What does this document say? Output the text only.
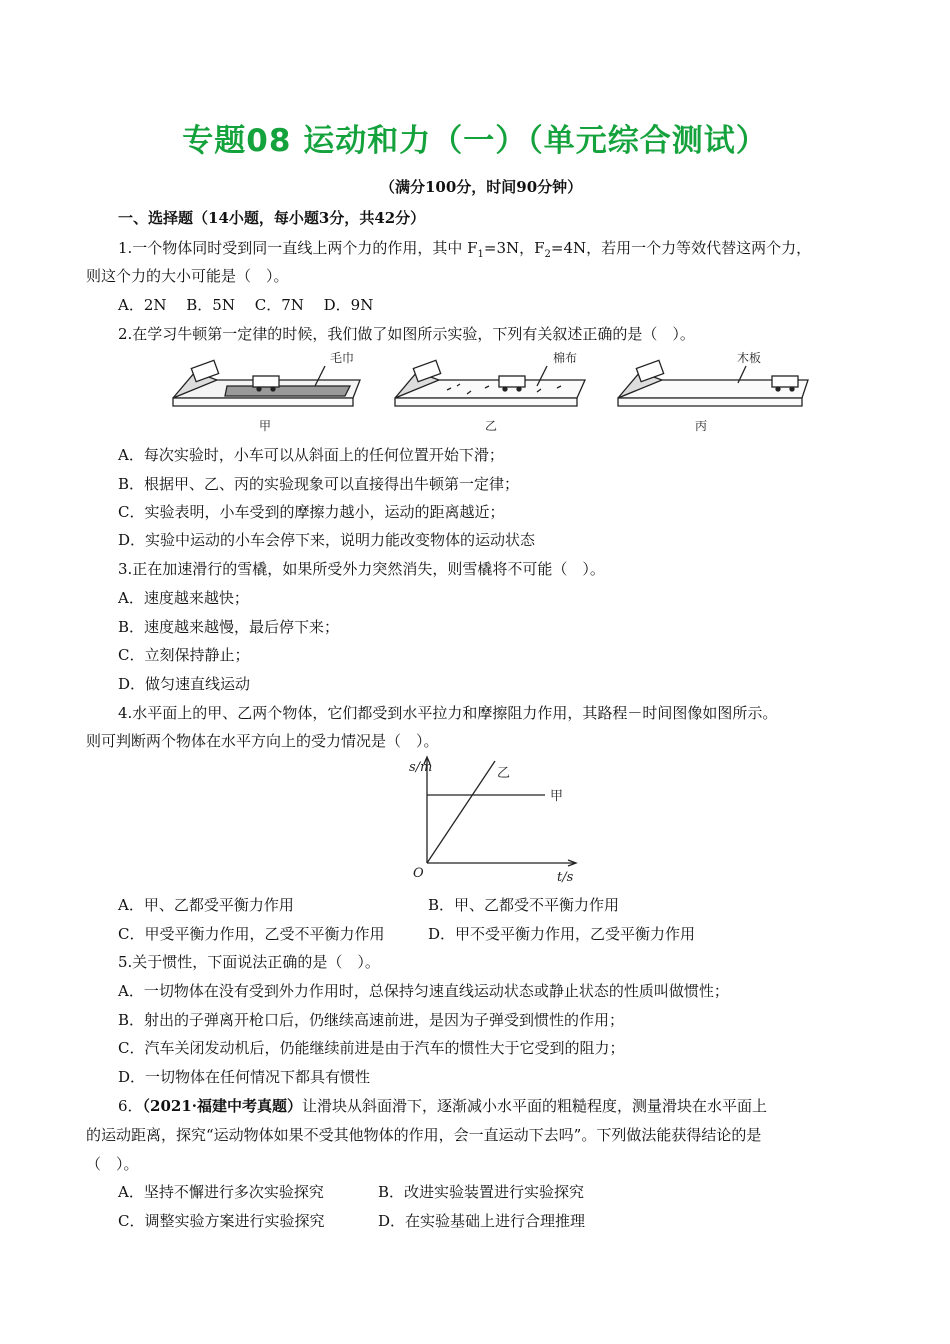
专题08 运动和力（一）（单元综合测试）
（满分100分，时间90分钟）
一、选择题（14小题，每小题3分，共42分）
1.一个物体同时受到同一直线上两个力的作用，其中 $F_1=3N$，$F_2=4N$，若用一个力等效代替这两个力，
则这个力的大小可能是（　）。
A．2N　 B．5N　 C．7N　 D．9N
2.在学习牛顿第一定律的时候，我们做了如图所示实验，下列有关叙述正确的是（　）。
毛巾
甲
棉布
乙
木板
丙
A．每次实验时，小车可以从斜面上的任何位置开始下滑；
B．根据甲、乙、丙的实验现象可以直接得出牛顿第一定律；
C．实验表明，小车受到的摩擦力越小，运动的距离越近；
D．实验中运动的小车会停下来，说明力能改变物体的运动状态
3.正在加速滑行的雪橇，如果所受外力突然消失，则雪橇将不可能（　）。
A．速度越来越快；
B．速度越来越慢，最后停下来；
C．立刻保持静止；
D．做匀速直线运动
4.水平面上的甲、乙两个物体，它们都受到水平拉力和摩擦阻力作用，其路程－时间图像如图所示。
则可判断两个物体在水平方向上的受力情况是（　）。
s/m
t/s
O
乙
甲
A．甲、乙都受平衡力作用	B．甲、乙都受不平衡力作用
C．甲受平衡力作用，乙受不平衡力作用	D．甲不受平衡力作用，乙受平衡力作用
5.关于惯性，下面说法正确的是（　）。
A．一切物体在没有受到外力作用时，总保持匀速直线运动状态或静止状态的性质叫做惯性；
B．射出的子弹离开枪口后，仍继续高速前进，是因为子弹受到惯性的作用；
C．汽车关闭发动机后，仍能继续前进是由于汽车的惯性大于它受到的阻力；
D．一切物体在任何情况下都具有惯性
6．（2021·福建中考真题）让滑块从斜面滑下，逐渐减小水平面的粗糙程度，测量滑块在水平面上
的运动距离，探究“运动物体如果不受其他物体的作用，会一直运动下去吗”。下列做法能获得结论的是
（　）。
A．坚持不懈进行多次实验探究	B．改进实验装置进行实验探究
C．调整实验方案进行实验探究	D．在实验基础上进行合理推理
